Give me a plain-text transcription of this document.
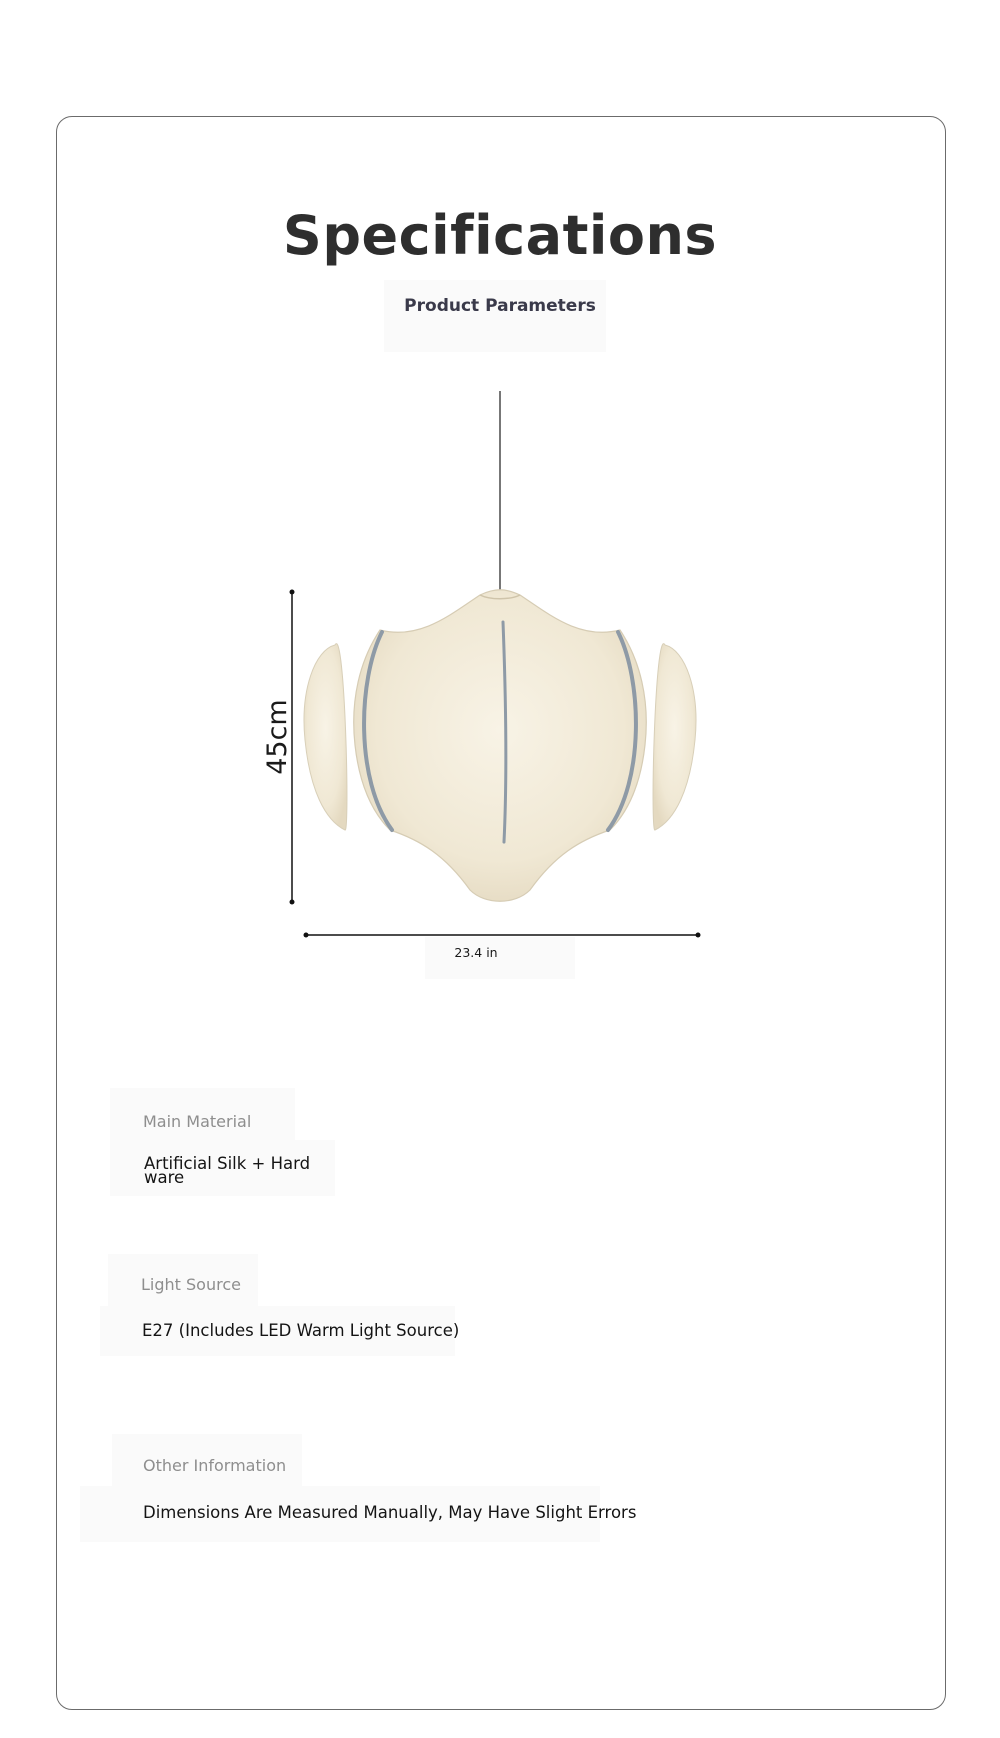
Specifications
Product Parameters
45cm
23.4 in
Main Material
Artificial Silk + Hard
ware
Light Source
E27 (Includes LED Warm Light Source)
Other Information
Dimensions Are Measured Manually, May Have Slight Errors
